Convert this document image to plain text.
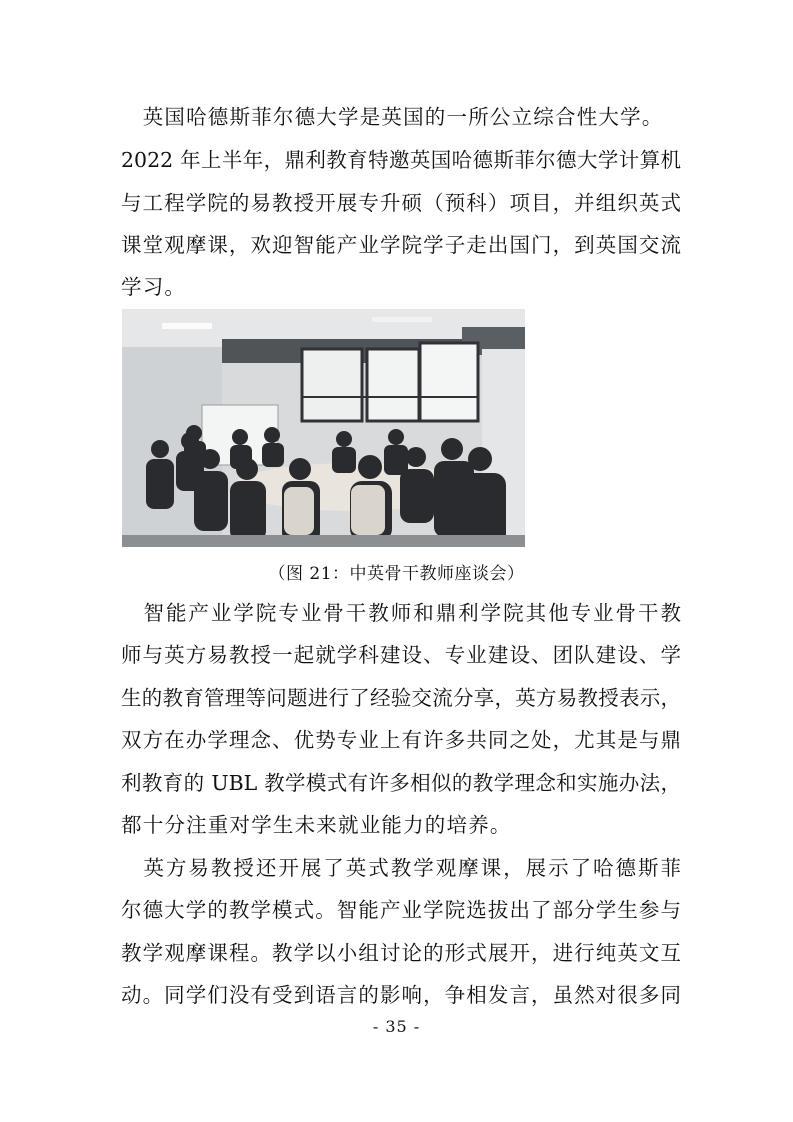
　英国哈德斯菲尔德大学是英国的一所公立综合性大学。
2022 年上半年，鼎利教育特邀英国哈德斯菲尔德大学计算机
与工程学院的易教授开展专升硕（预科）项目，并组织英式
课堂观摩课，欢迎智能产业学院学子走出国门，到英国交流
学习。
（图 21：中英骨干教师座谈会）
　智能产业学院专业骨干教师和鼎利学院其他专业骨干教
师与英方易教授一起就学科建设、专业建设、团队建设、学
生的教育管理等问题进行了经验交流分享，英方易教授表示，
双方在办学理念、优势专业上有许多共同之处，尤其是与鼎
利教育的 UBL 教学模式有许多相似的教学理念和实施办法，
都十分注重对学生未来就业能力的培养。
　英方易教授还开展了英式教学观摩课，展示了哈德斯菲
尔德大学的教学模式。智能产业学院选拔出了部分学生参与
教学观摩课程。教学以小组讨论的形式展开，进行纯英文互
动。同学们没有受到语言的影响，争相发言，虽然对很多同
- 35 -
